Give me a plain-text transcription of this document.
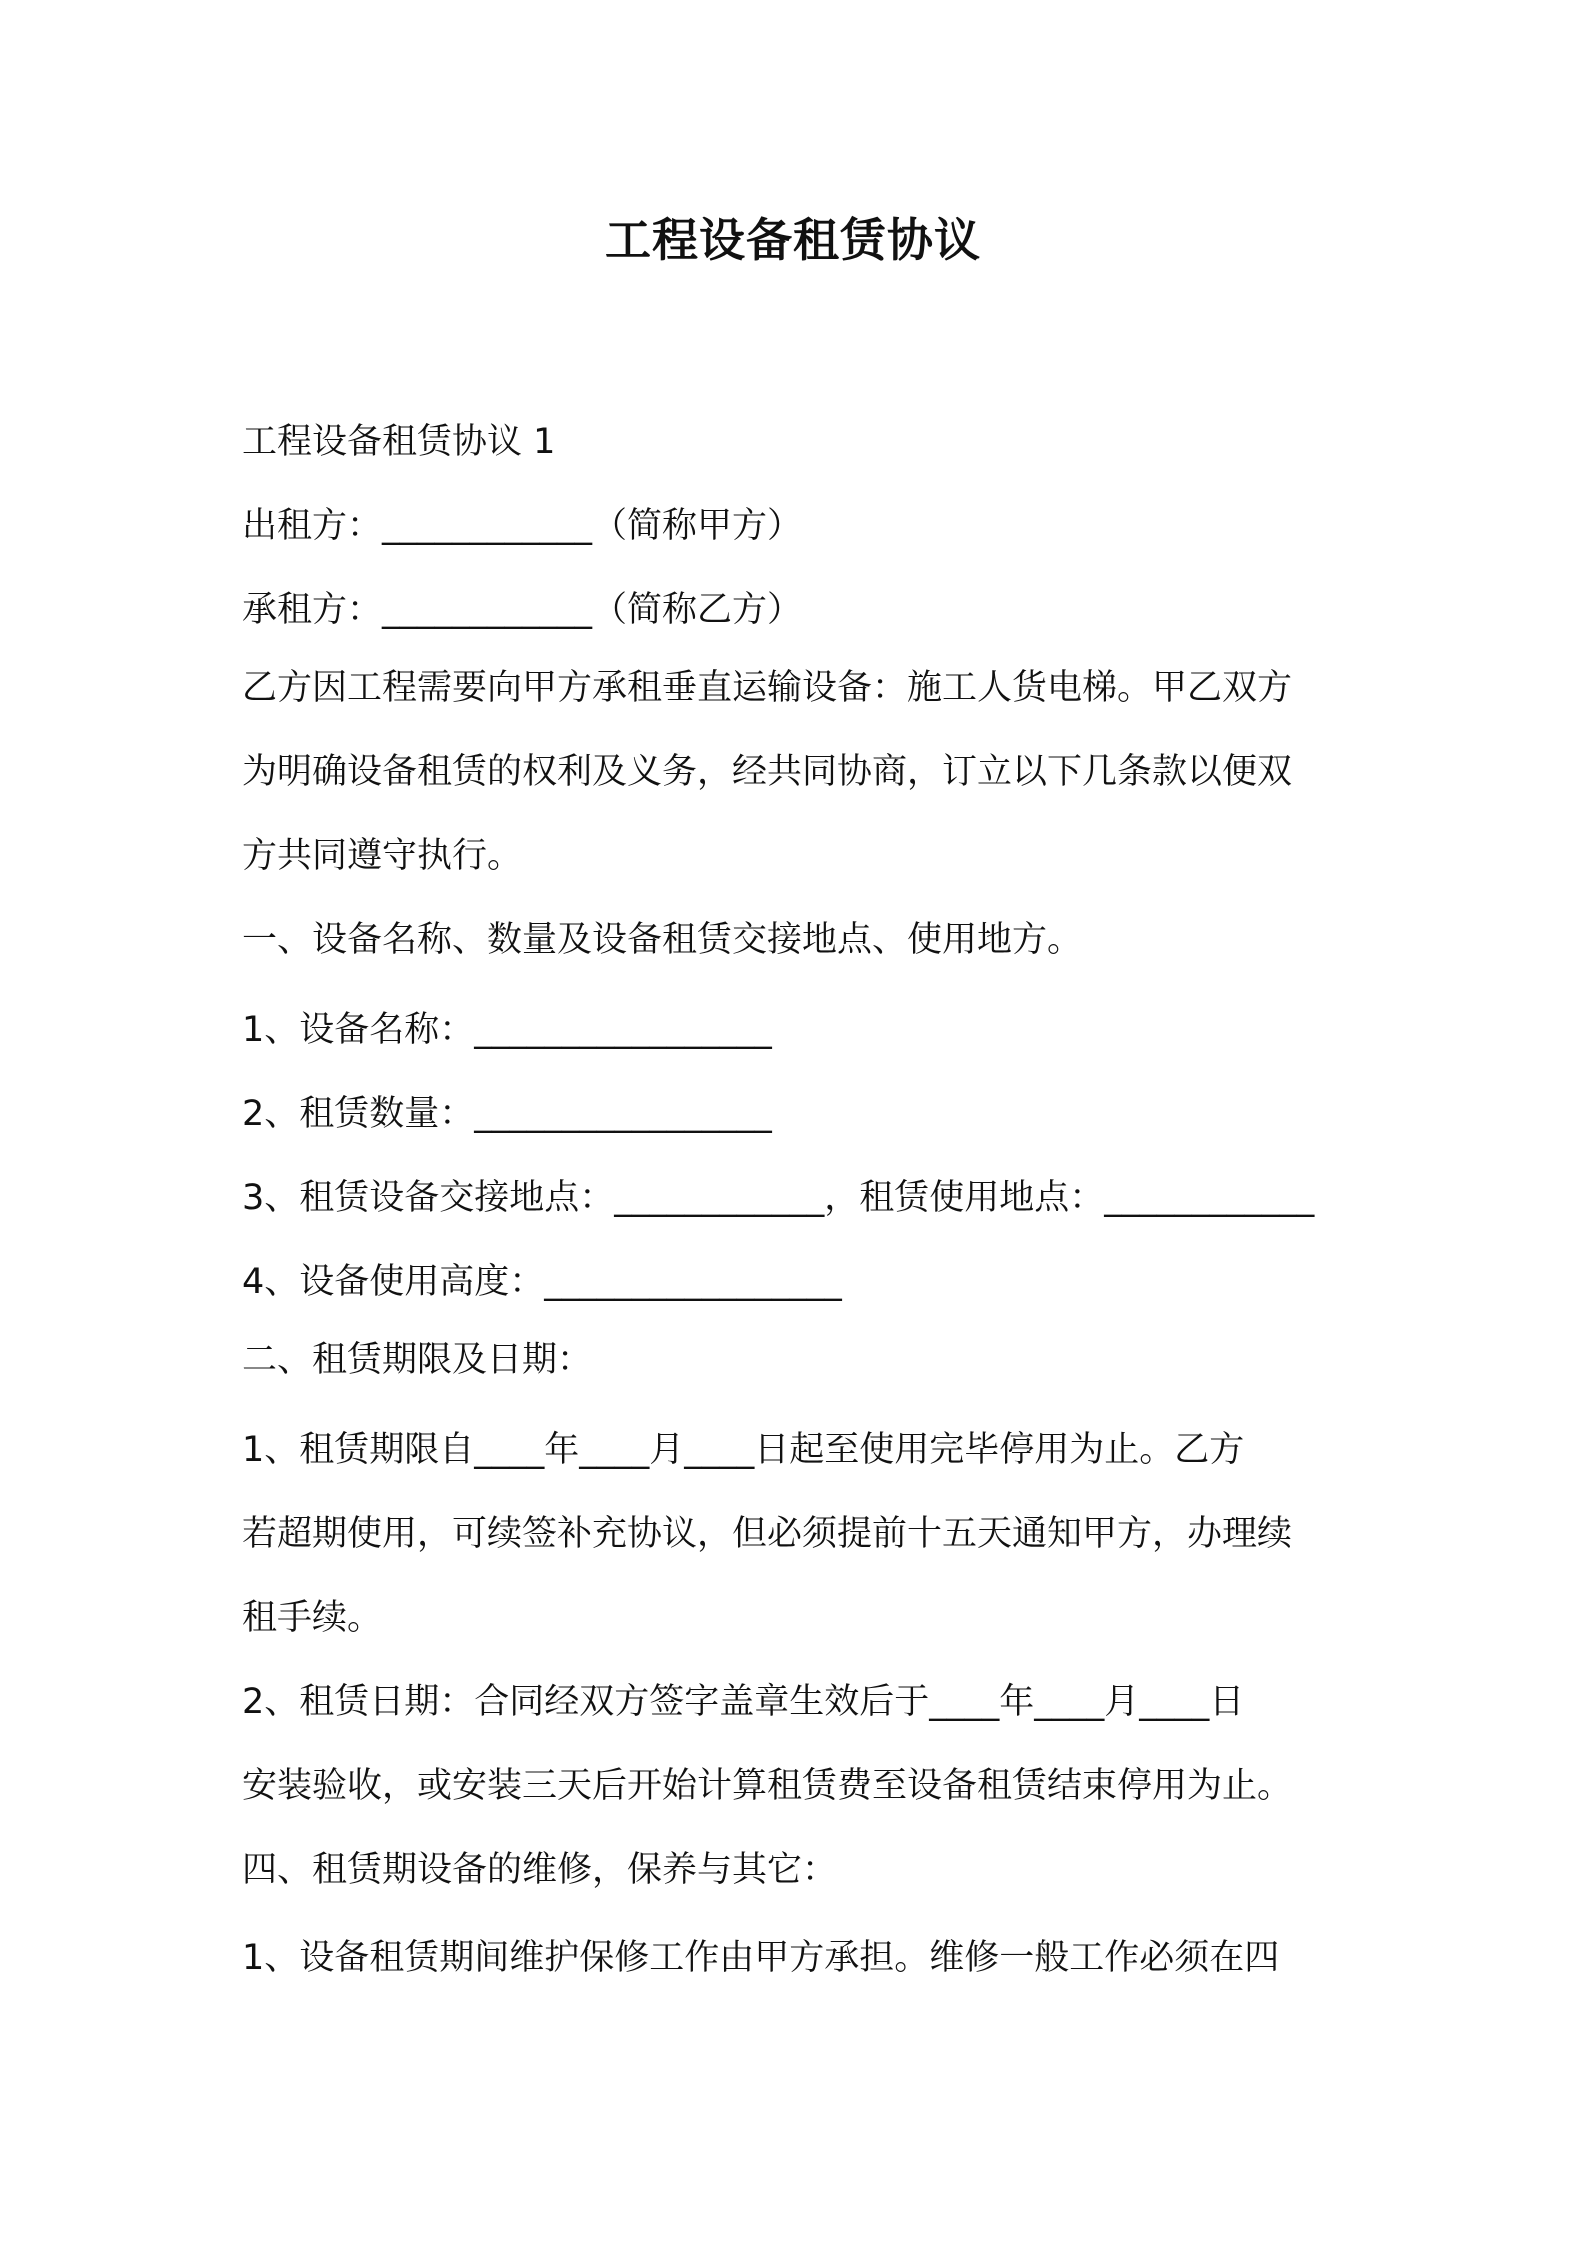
工程设备租赁协议

工程设备租赁协议 1

出租方：____________（简称甲方）

承租方：____________（简称乙方）

乙方因工程需要向甲方承租垂直运输设备：施工人货电梯。甲乙双方

为明确设备租赁的权利及义务，经共同协商，订立以下几条款以便双

方共同遵守执行。

一、设备名称、数量及设备租赁交接地点、使用地方。

1、设备名称：_________________

2、租赁数量：_________________

3、租赁设备交接地点：____________，租赁使用地点：____________

4、设备使用高度：_________________

二、租赁期限及日期：

1、租赁期限自____年____月____日起至使用完毕停用为止。乙方

若超期使用，可续签补充协议，但必须提前十五天通知甲方，办理续

租手续。

2、租赁日期：合同经双方签字盖章生效后于____年____月____日

安装验收，或安装三天后开始计算租赁费至设备租赁结束停用为止。

四、租赁期设备的维修，保养与其它：

1、设备租赁期间维护保修工作由甲方承担。维修一般工作必须在四
